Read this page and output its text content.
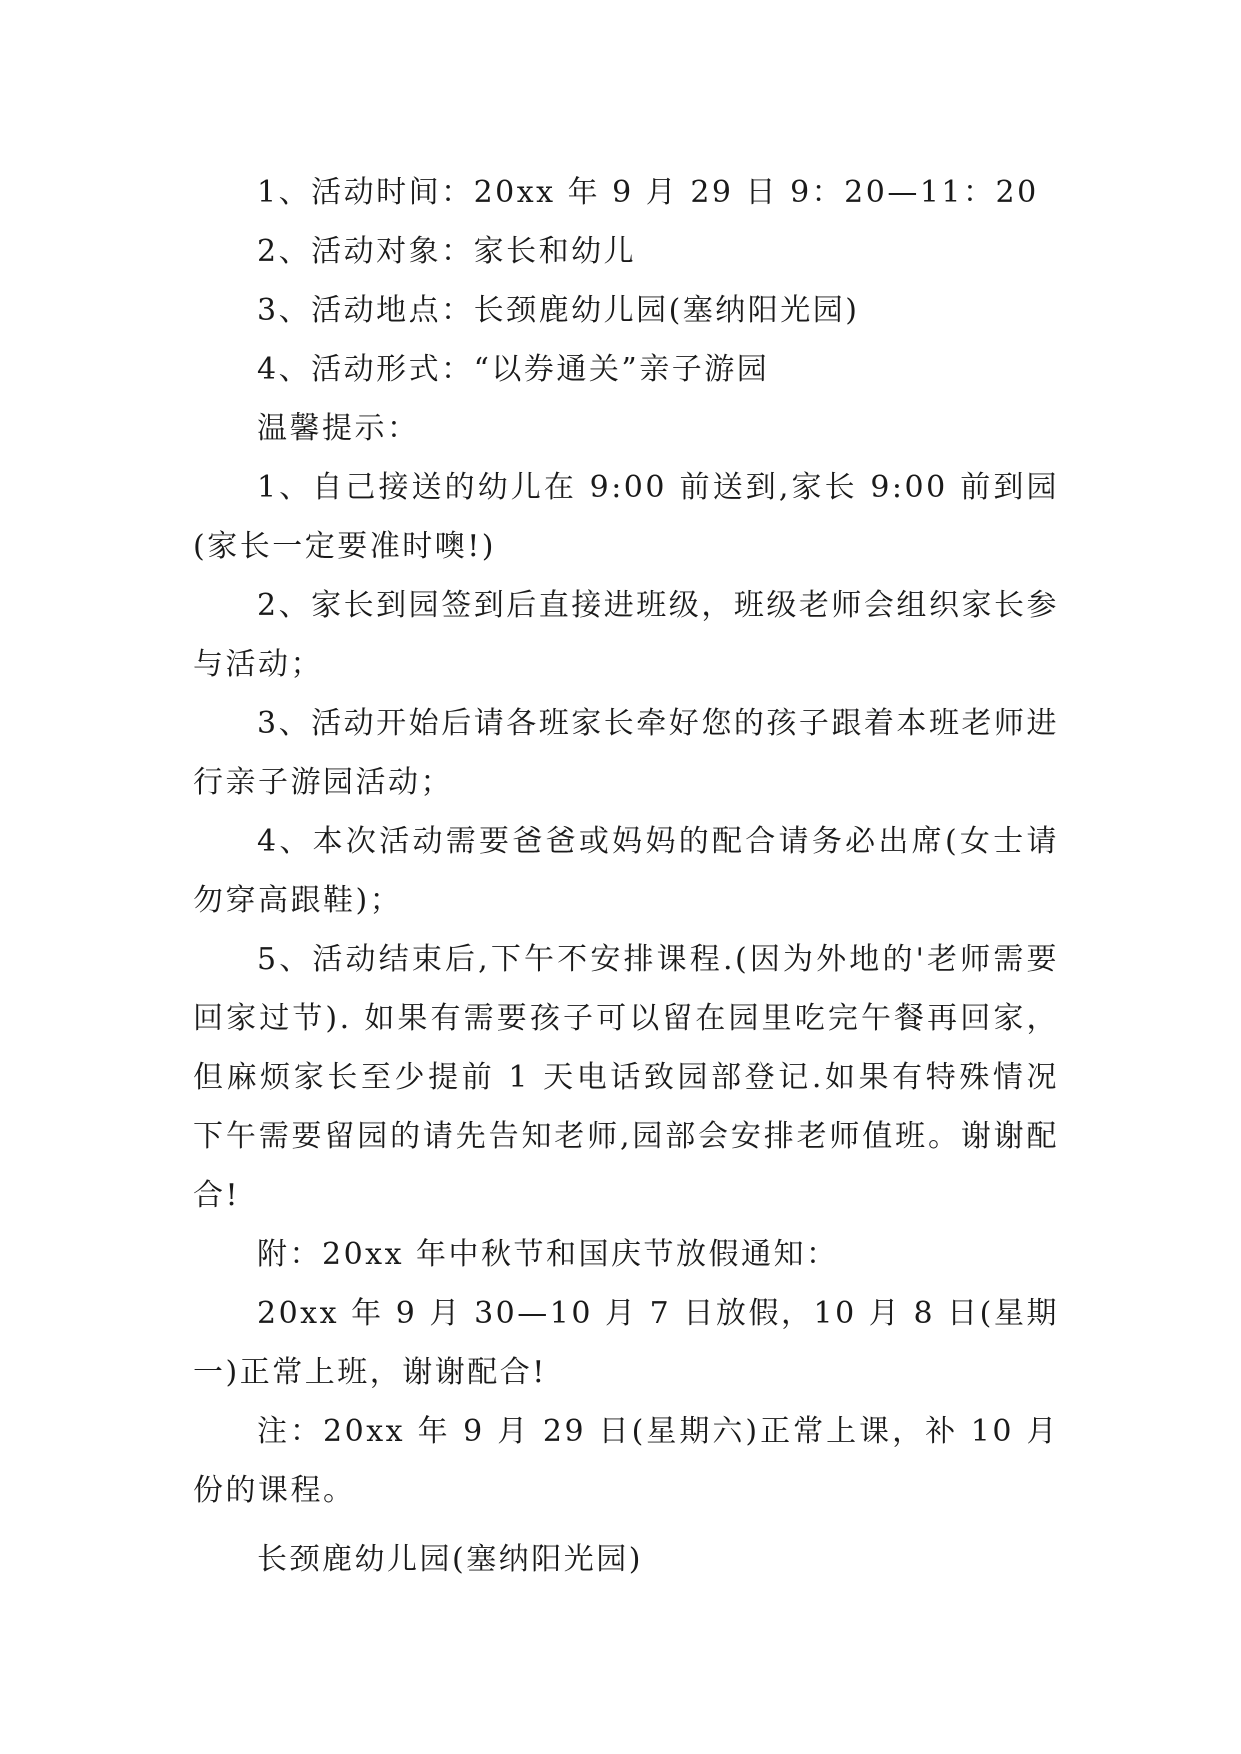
1、活动时间：20xx 年 9 月 29 日 9：20—11：20

2、活动对象：家长和幼儿

3、活动地点：长颈鹿幼儿园(塞纳阳光园)

4、活动形式：“以券通关”亲子游园

温馨提示：

1、自己接送的幼儿在 9:00 前送到,家长 9:00 前到园(家长一定要准时噢!)

2、家长到园签到后直接进班级，班级老师会组织家长参与活动；

3、活动开始后请各班家长牵好您的孩子跟着本班老师进行亲子游园活动；

4、本次活动需要爸爸或妈妈的配合请务必出席(女士请勿穿高跟鞋)；

5、活动结束后,下午不安排课程.(因为外地的'老师需要回家过节). 如果有需要孩子可以留在园里吃完午餐再回家，但麻烦家长至少提前 1 天电话致园部登记.如果有特殊情况下午需要留园的请先告知老师,园部会安排老师值班。谢谢配合!

附：20xx 年中秋节和国庆节放假通知：

20xx 年 9 月 30—10 月 7 日放假，10 月 8 日(星期一)正常上班，谢谢配合!

注：20xx 年 9 月 29 日(星期六)正常上课，补 10 月份的课程。

长颈鹿幼儿园(塞纳阳光园)
